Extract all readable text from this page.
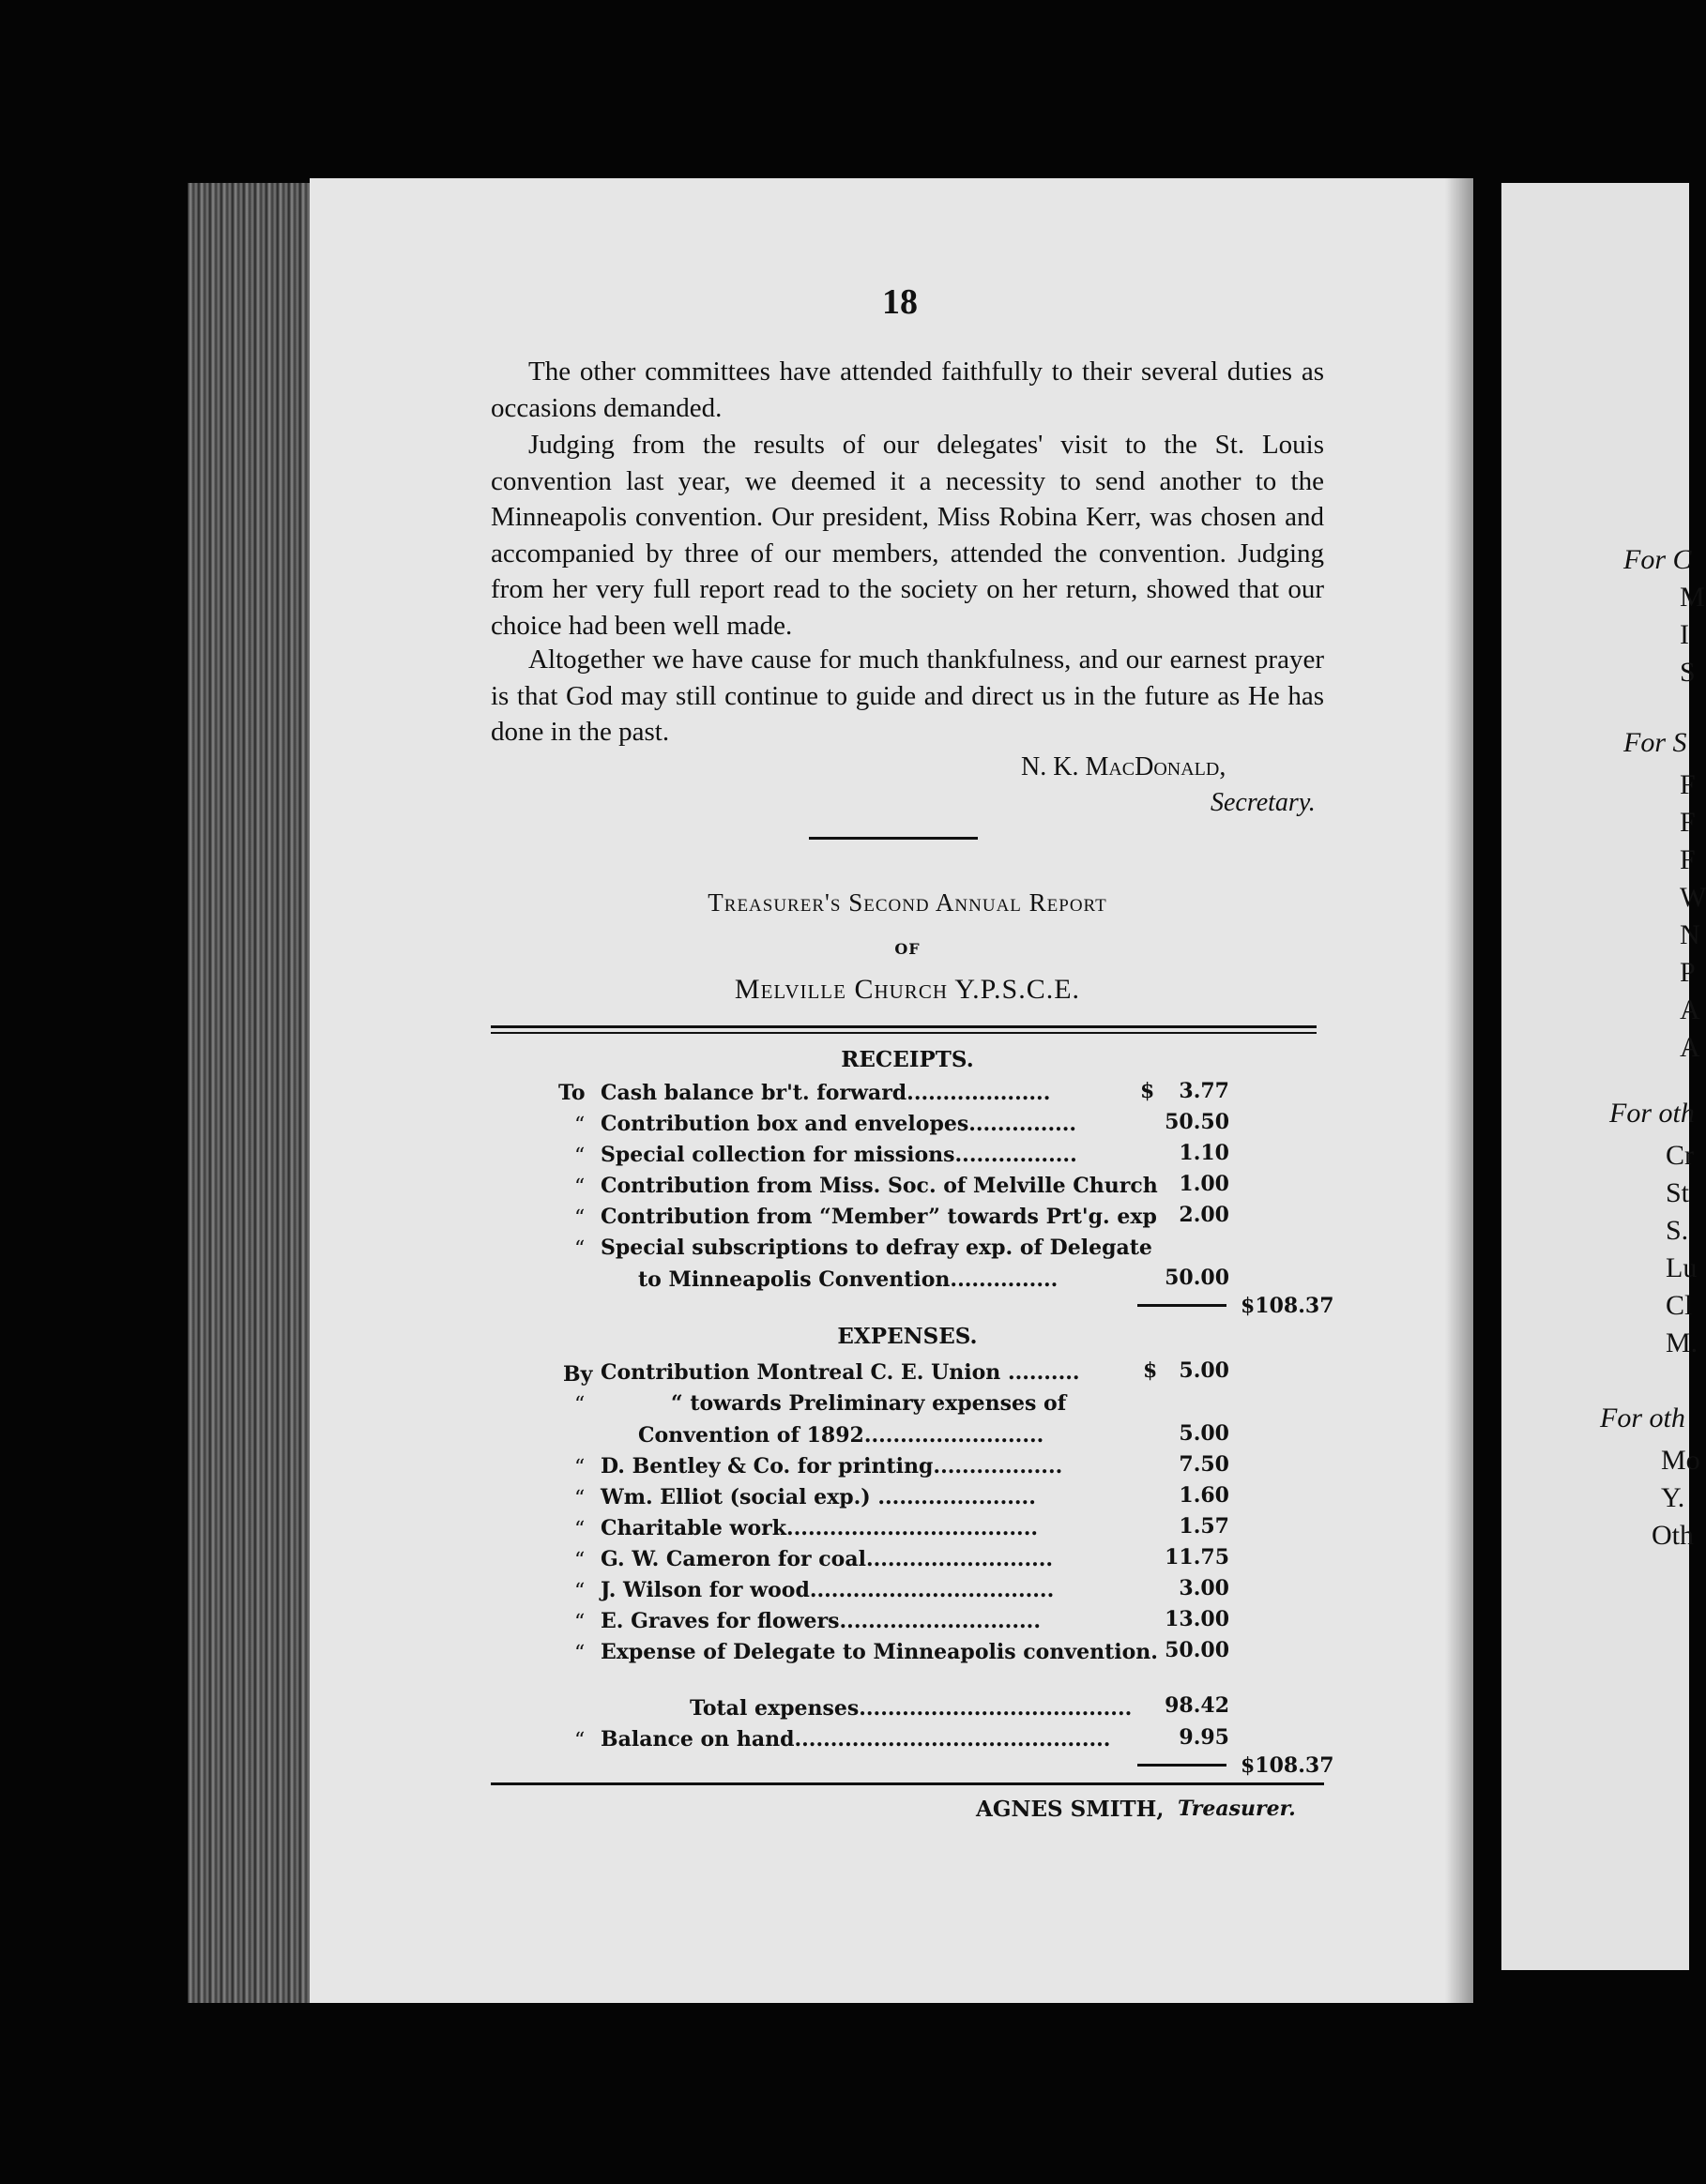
For C
M
I
S
For S
F
F
F
W
N
P
A
A
For oth
Cr
St
S.
Lu
Cl
M.
For oth
Mo
Y.
Oth
18
The other committees have attended faithfully to their several duties as occasions demanded.
Judging from the results of our delegates' visit to the St. Louis convention last year, we deemed it a necessity to send another to the Minneapolis convention. Our president, Miss Robina Kerr, was chosen and accompanied by three of our members, attended the convention. Judging from her very full report read to the society on her return, showed that our choice had been well made.
Altogether we have cause for much thankfulness, and our earnest prayer is that God may still continue to guide and direct us in the future as He has done in the past.
N. K. MacDonald,
Secretary.
Treasurer's Second Annual Report
OF
Melville Church Y.P.S.C.E.
RECEIPTS.
To Cash balance br't. forward....................	$	3.77
“ Contribution box and envelopes...............	50.50
“ Special collection for missions.................	1.10
“ Contribution from Miss. Soc. of Melville Church	1.00
“ Contribution from “Member” towards Prt'g. exp	2.00
“ Special subscriptions to defray exp. of Delegate
to Minneapolis Convention...............	50.00
$108.37
EXPENSES.
By Contribution Montreal C. E. Union ..........	$	5.00
“	“ towards Preliminary expenses of
Convention of 1892.........................	5.00
“ D. Bentley & Co. for printing..................	7.50
“ Wm. Elliot (social exp.) ......................	1.60
“ Charitable work...................................	1.57
“ G. W. Cameron for coal..........................	11.75
“ J. Wilson for wood..................................	3.00
“ E. Graves for flowers............................	13.00
“ Expense of Delegate to Minneapolis convention. 50.00
Total expenses......................................	98.42
“ Balance on hand............................................	9.95
$108.37
AGNES SMITH, Treasurer.
